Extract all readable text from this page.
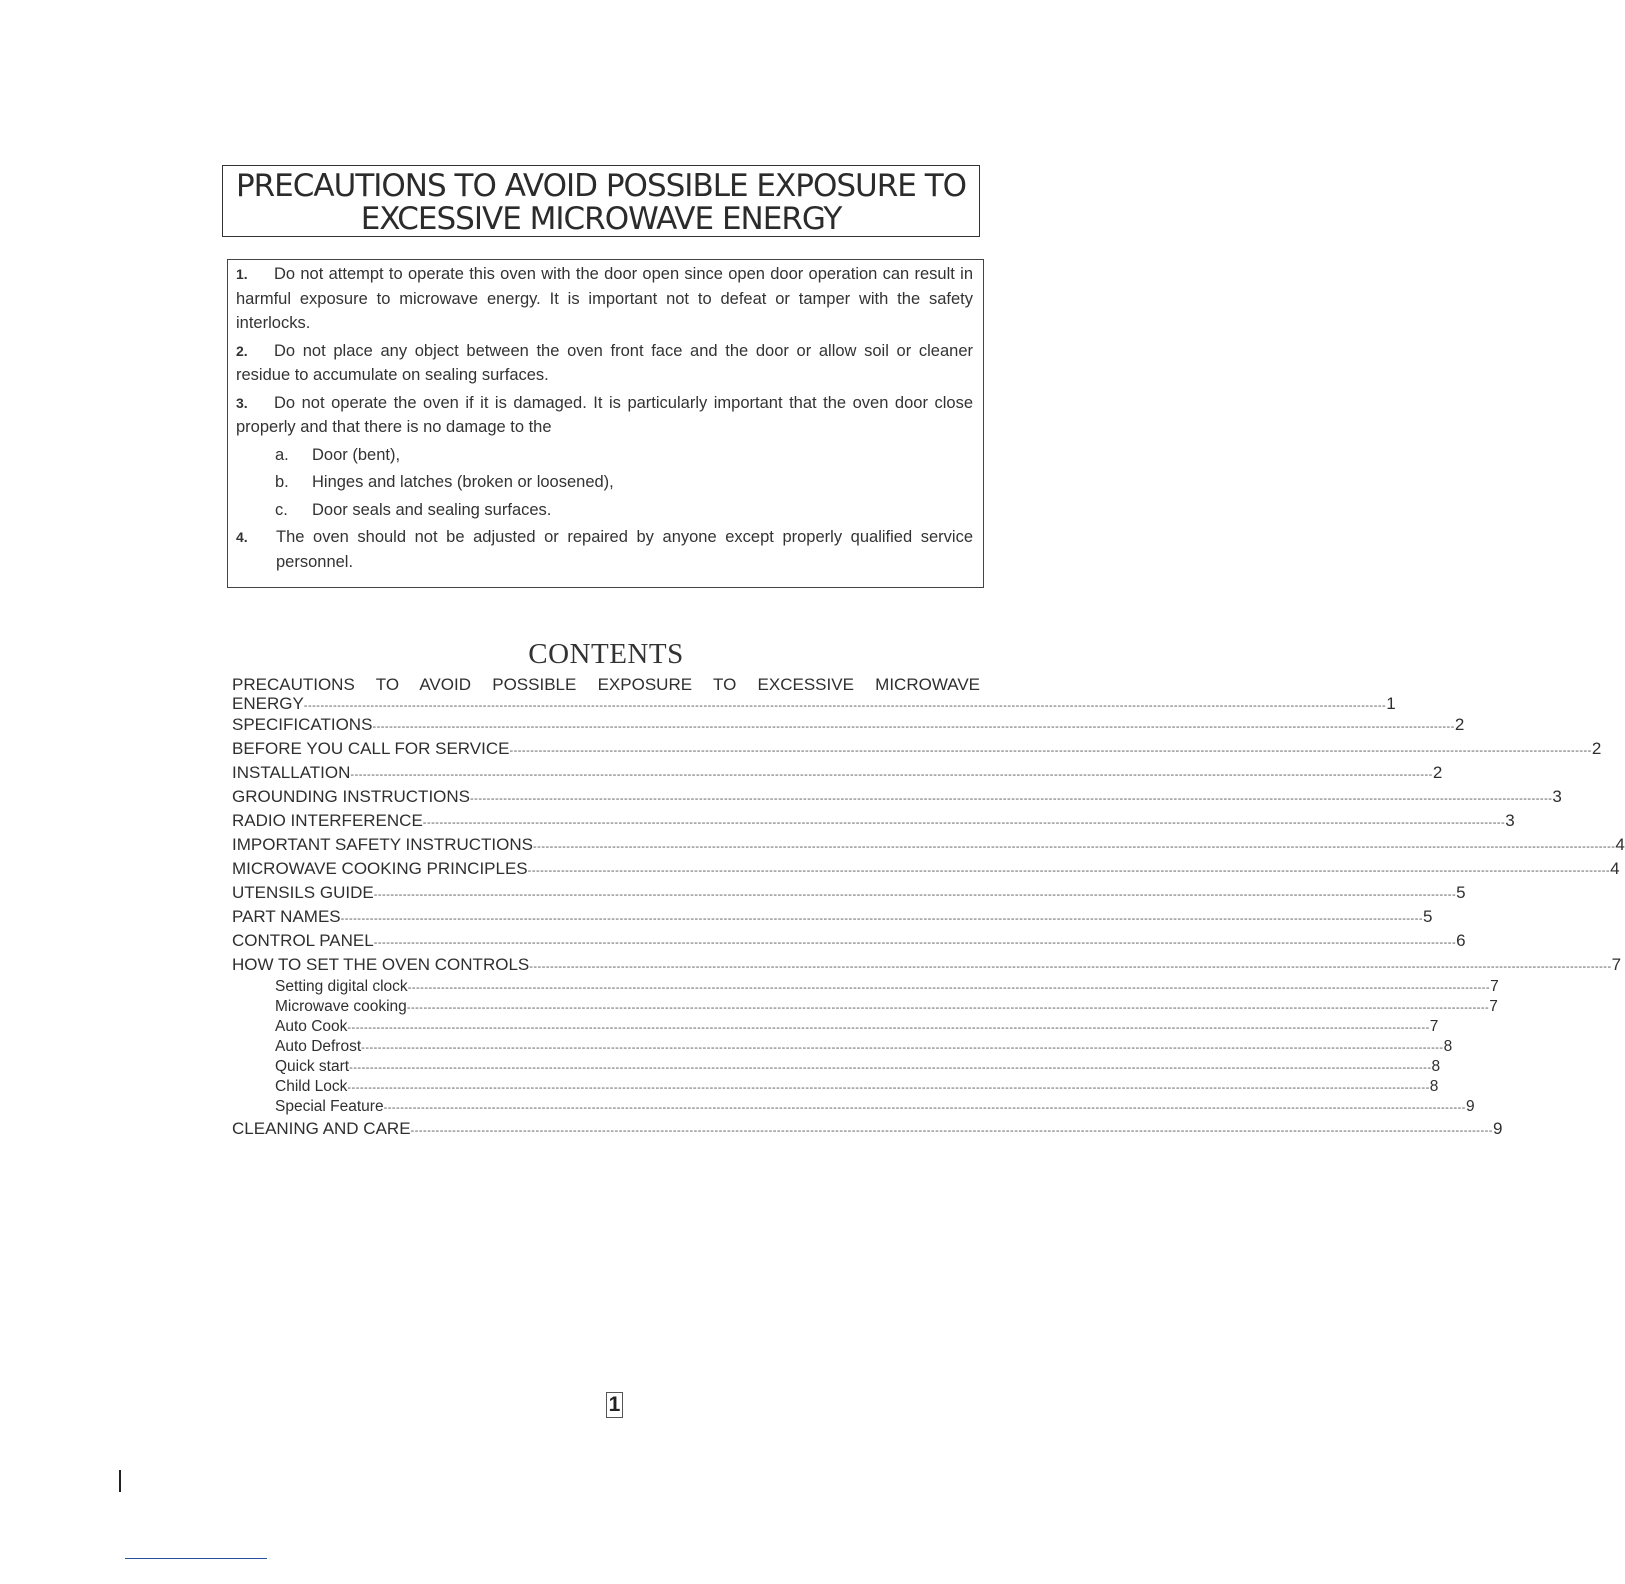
PRECAUTIONS TO AVOID POSSIBLE EXPOSURE TO
EXCESSIVE MICROWAVE ENERGY

1. Do not attempt to operate this oven with the door open since open door operation can result in harmful exposure to microwave energy. It is important not to defeat or tamper with the safety interlocks.

2. Do not place any object between the oven front face and the door or allow soil or cleaner residue to accumulate on sealing surfaces.

3. Do not operate the oven if it is damaged. It is particularly important that the oven door close properly and that there is no damage to the

a. Door (bent),

b. Hinges and latches (broken or loosened),

c. Door seals and sealing surfaces.

4.	The oven should not be adjusted or repaired by anyone except properly qualified service personnel.

CONTENTS
PRECAUTIONS TO AVOID POSSIBLE EXPOSURE TO EXCESSIVE MICROWAVE
ENERGY -------------------------------------------------------------------------------------------------------------------------------------------------------------------------------------------------------------------------------------------------------------------- 1
SPECIFICATIONS -------------------------------------------------------------------------------------------------------------------------------------------------------------------------------------------------------------------------------------------------------------------- 2
BEFORE YOU CALL FOR SERVICE -------------------------------------------------------------------------------------------------------------------------------------------------------------------------------------------------------------------------------------------------------------------- 2
INSTALLATION -------------------------------------------------------------------------------------------------------------------------------------------------------------------------------------------------------------------------------------------------------------------- 2
GROUNDING INSTRUCTIONS -------------------------------------------------------------------------------------------------------------------------------------------------------------------------------------------------------------------------------------------------------------------- 3
RADIO INTERFERENCE -------------------------------------------------------------------------------------------------------------------------------------------------------------------------------------------------------------------------------------------------------------------- 3
IMPORTANT SAFETY INSTRUCTIONS -------------------------------------------------------------------------------------------------------------------------------------------------------------------------------------------------------------------------------------------------------------------- 4
MICROWAVE COOKING PRINCIPLES -------------------------------------------------------------------------------------------------------------------------------------------------------------------------------------------------------------------------------------------------------------------- 4
UTENSILS GUIDE -------------------------------------------------------------------------------------------------------------------------------------------------------------------------------------------------------------------------------------------------------------------- 5
PART NAMES -------------------------------------------------------------------------------------------------------------------------------------------------------------------------------------------------------------------------------------------------------------------- 5
CONTROL PANEL -------------------------------------------------------------------------------------------------------------------------------------------------------------------------------------------------------------------------------------------------------------------- 6
HOW TO SET THE OVEN CONTROLS -------------------------------------------------------------------------------------------------------------------------------------------------------------------------------------------------------------------------------------------------------------------- 7
Setting digital clock -------------------------------------------------------------------------------------------------------------------------------------------------------------------------------------------------------------------------------------------------------------------- 7
Microwave cooking -------------------------------------------------------------------------------------------------------------------------------------------------------------------------------------------------------------------------------------------------------------------- 7
Auto Cook -------------------------------------------------------------------------------------------------------------------------------------------------------------------------------------------------------------------------------------------------------------------- 7
Auto Defrost -------------------------------------------------------------------------------------------------------------------------------------------------------------------------------------------------------------------------------------------------------------------- 8
Quick start -------------------------------------------------------------------------------------------------------------------------------------------------------------------------------------------------------------------------------------------------------------------- 8
Child Lock -------------------------------------------------------------------------------------------------------------------------------------------------------------------------------------------------------------------------------------------------------------------- 8
Special Feature -------------------------------------------------------------------------------------------------------------------------------------------------------------------------------------------------------------------------------------------------------------------- 9
CLEANING AND CARE -------------------------------------------------------------------------------------------------------------------------------------------------------------------------------------------------------------------------------------------------------------------- 9
1
